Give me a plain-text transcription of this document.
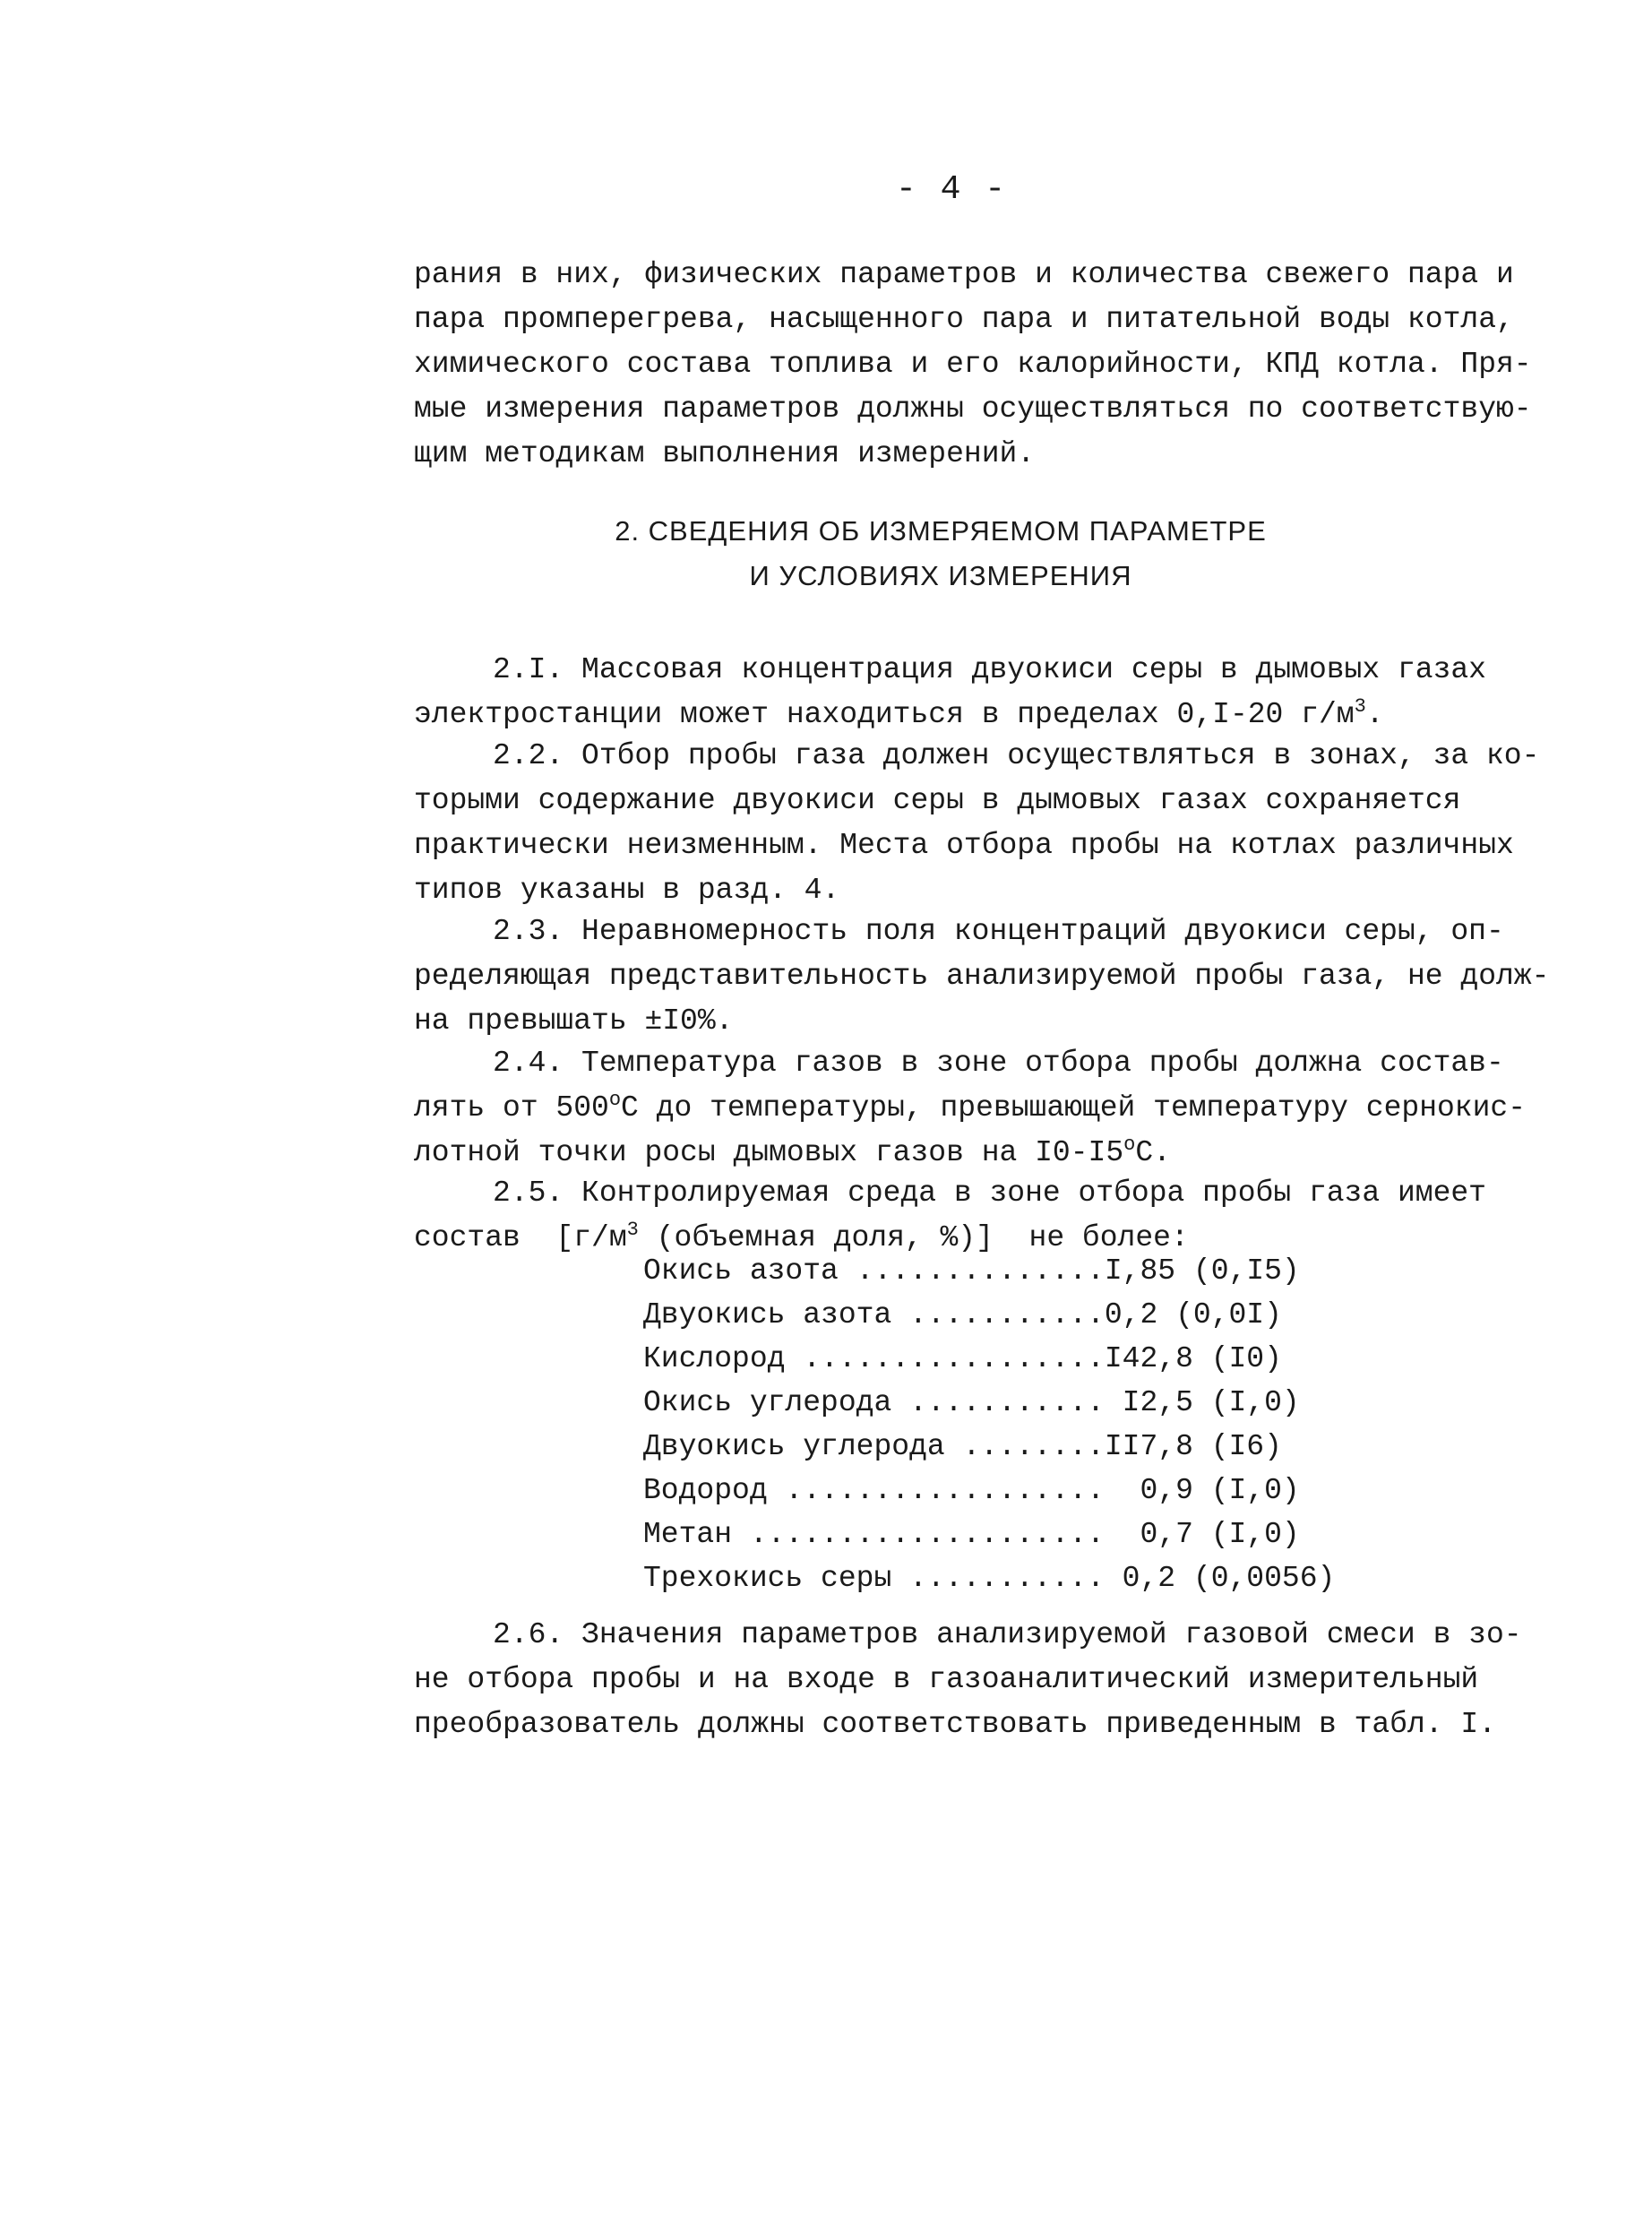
- 4 -
рания в них, физических параметров и количества свежего пара и
пара промперегрева, насыщенного пара и питательной воды котла,
химического состава топлива и его калорийности, КПД котла. Пря-
мые измерения параметров должны осуществляться по соответствую-
щим методикам выполнения измерений.
2. СВЕДЕНИЯ ОБ ИЗМЕРЯЕМОМ ПАРАМЕТРЕ
И УСЛОВИЯХ ИЗМЕРЕНИЯ
2.I. Массовая концентрация двуокиси серы в дымовых газах
электростанции может находиться в пределах 0,I-20 $г/м^3$.
2.2. Отбор пробы газа должен осуществляться в зонах, за ко-
торыми содержание двуокиси серы в дымовых газах сохраняется
практически неизменным. Места отбора пробы на котлах различных
типов указаны в разд. 4.
2.3. Неравномерность поля концентраций двуокиси серы, оп-
ределяющая представительность анализируемой пробы газа, не долж-
на превышать ±I0%.
2.4. Температура газов в зоне отбора пробы должна состав-
лять от $500^оС$ до температуры, превышающей температуру сернокис-
лотной точки росы дымовых газов на $I0-I5^оС$.
2.5. Контролируемая среда в зоне отбора пробы газа имеет
состав  [$г/м^3$ (объемная доля, %)]  не более:
Окись азота ..............I,85 (0,I5)
Двуокись азота ...........0,2 (0,0I)
Кислород .................I42,8 (I0)
Окись углерода ........... I2,5 (I,0)
Двуокись углерода ........II7,8 (I6)
Водород ..................  0,9 (I,0)
Метан ....................  0,7 (I,0)
Трехокись серы ........... 0,2 (0,0056)
2.6. Значения параметров анализируемой газовой смеси в зо-
не отбора пробы и на входе в газоаналитический измерительный
преобразователь должны соответствовать приведенным в табл. I.
